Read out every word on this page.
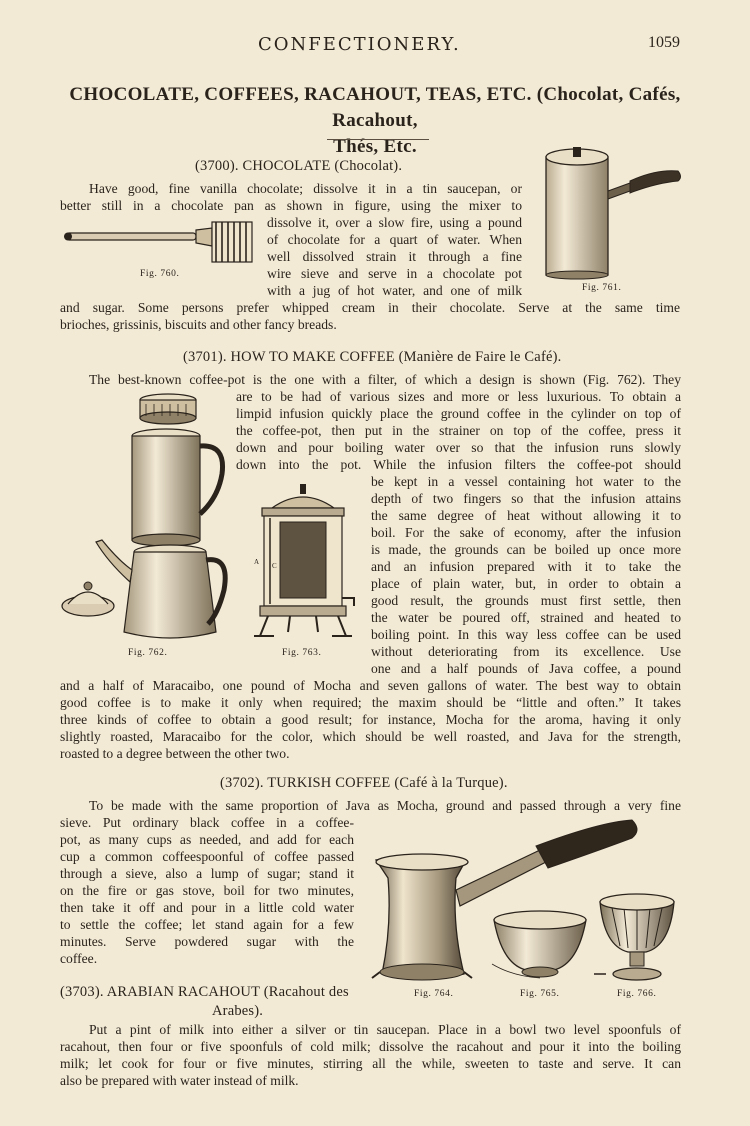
CONFECTIONERY.	1059
CHOCOLATE, COFFEES, RACAHOUT, TEAS, ETC. (Chocolat, Cafés, Racahout,
Thés, Etc.
(3700). CHOCOLATE (Chocolat).
Have good, fine vanilla chocolate; dissolve it in a tin saucepan, or
better still in a chocolate pan as shown in figure, using the mixer to
dissolve it, over a slow fire, using a pound
of chocolate for a quart of water. When
well dissolved strain it through a fine
wire sieve and serve in a chocolate pot
with a jug of hot water, and one of milk
and sugar. Some persons prefer whipped cream in their chocolate. Serve at the same time
brioches, grissinis, biscuits and other fancy breads.
Fig. 760.
Fig. 761.
(3701). HOW TO MAKE COFFEE (Manière de Faire le Café).
The best-known coffee-pot is the one with a filter, of which a design is shown (Fig. 762). They
are to be had of various sizes and more or less luxurious. To obtain a
limpid infusion quickly place the ground coffee in the cylinder on top of
the coffee-pot, then put in the strainer on top of the coffee, press it
down and pour boiling water over so that the infusion runs slowly
down into the pot. While the infusion filters the coffee-pot should
be kept in a vessel containing hot water to the
depth of two fingers so that the infusion attains
the same degree of heat without allowing it to
boil. For the sake of economy, after the infusion
is made, the grounds can be boiled up once more
and an infusion prepared with it to take the
place of plain water, but, in order to obtain a
good result, the grounds must first settle, then
the water be poured off, strained and heated to
boiling point. In this way less coffee can be used
without deteriorating from its excellence. Use
one and a half pounds of Java coffee, a pound
and a half of Maracaibo, one pound of Mocha and seven gallons of water. The best way to obtain
good coffee is to make it only when required; the maxim should be “little and often.” It takes
three kinds of coffee to obtain a good result; for instance, Mocha for the aroma, having it only
slightly roasted, Maracaibo for the color, which should be well roasted, and Java for the strength,
roasted to a degree between the other two.
Fig. 762.
A C
Fig. 763.
(3702). TURKISH COFFEE (Café à la Turque).
To be made with the same proportion of Java as Mocha, ground and passed through a very fine
sieve. Put ordinary black coffee in a coffee-
pot, as many cups as needed, and add for each
cup a common coffeespoonful of coffee passed
through a sieve, also a lump of sugar; stand it
on the fire or gas stove, boil for two minutes,
then take it off and pour in a little cold water
to settle the coffee; let stand again for a few
minutes. Serve powdered sugar with the
coffee.
Fig. 764.	Fig. 765.	Fig. 766.
(3703). ARABIAN RACAHOUT (Racahout des
Arabes).
Put a pint of milk into either a silver or tin saucepan. Place in a bowl two level spoonfuls of
racahout, then four or five spoonfuls of cold milk; dissolve the racahout and pour it into the boiling
milk; let cook for four or five minutes, stirring all the while, sweeten to taste and serve. It can
also be prepared with water instead of milk.
